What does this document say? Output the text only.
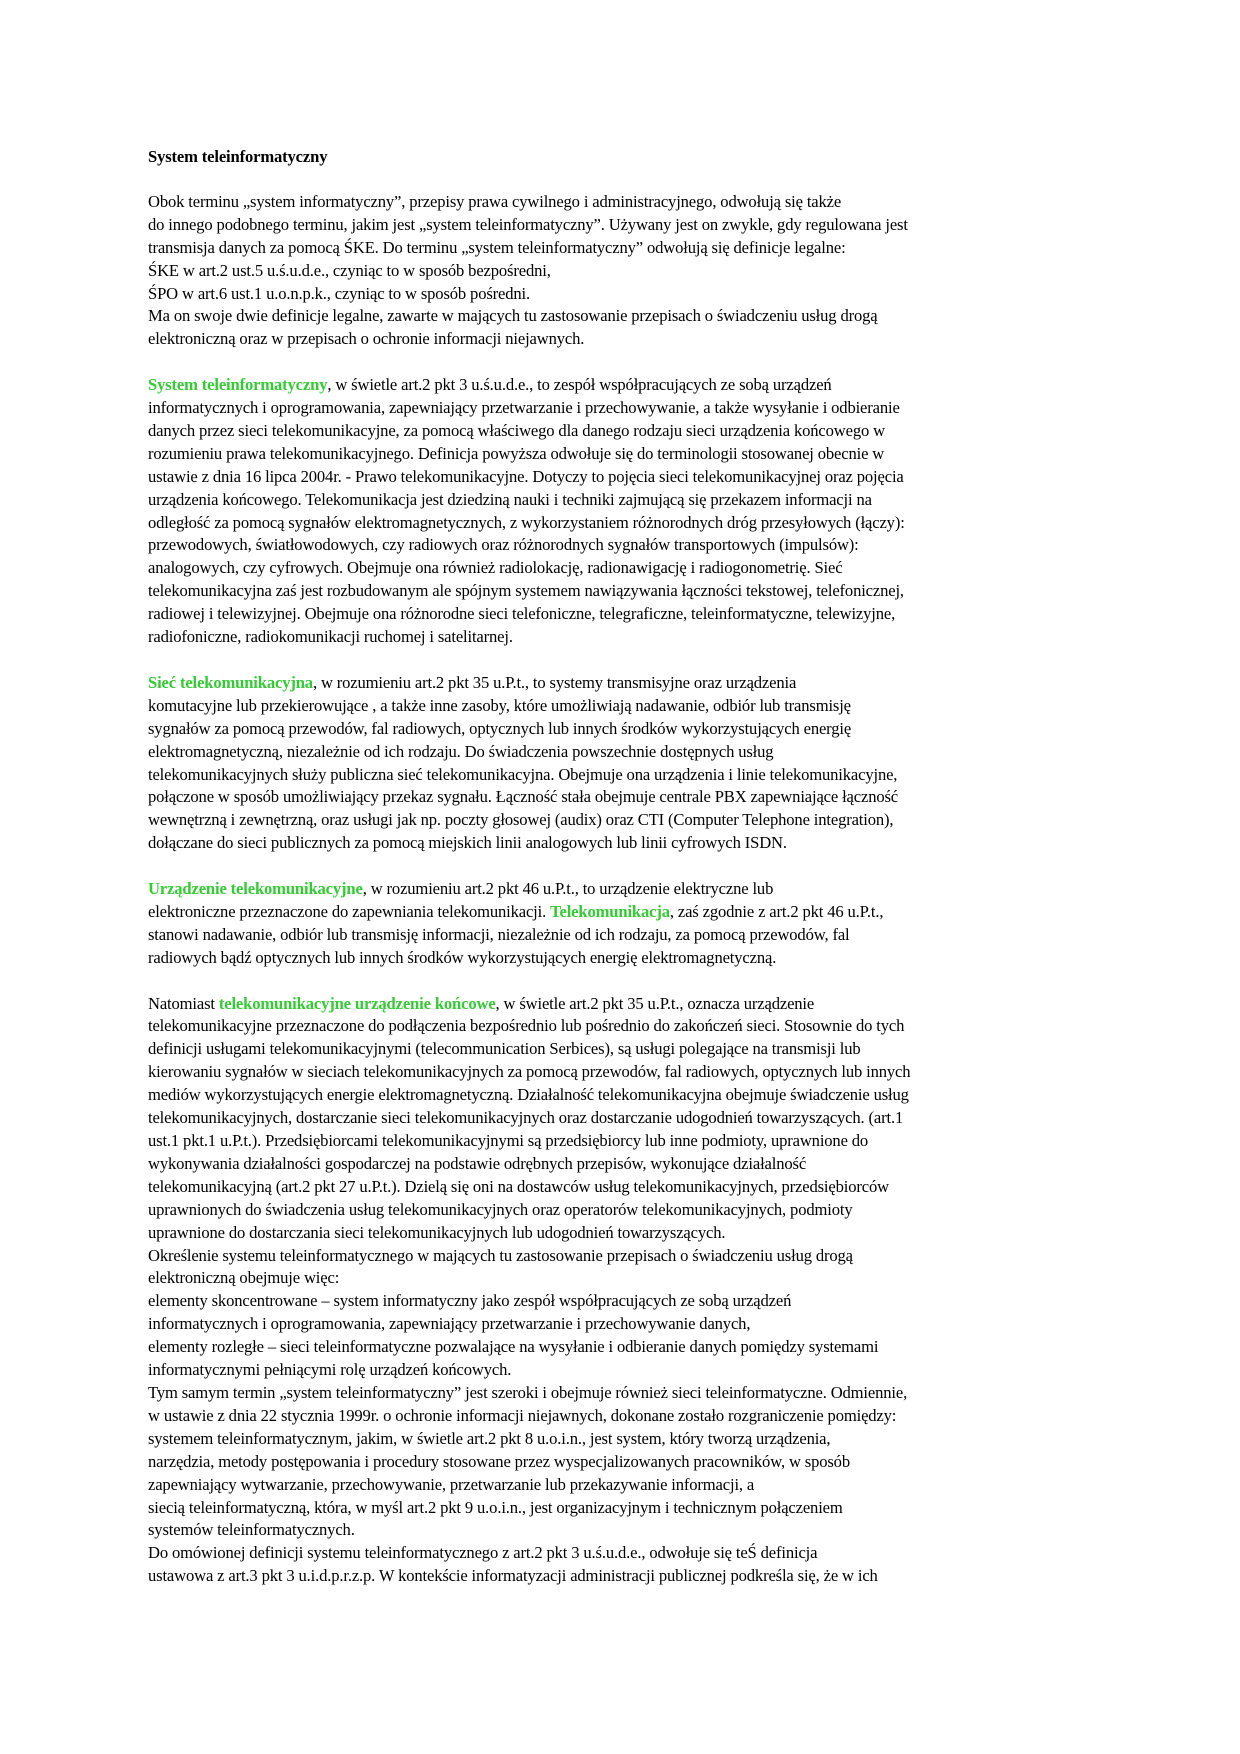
System teleinformatyczny
Obok terminu „system informatyczny”, przepisy prawa cywilnego i administracyjnego, odwołują się także
do innego podobnego terminu, jakim jest „system teleinformatyczny”. Używany jest on zwykle, gdy regulowana jest
transmisja danych za pomocą ŚKE. Do terminu „system teleinformatyczny” odwołują się definicje legalne:
ŚKE w art.2 ust.5 u.ś.u.d.e., czyniąc to w sposób bezpośredni,
ŚPO w art.6 ust.1 u.o.n.p.k., czyniąc to w sposób pośredni.
Ma on swoje dwie definicje legalne, zawarte w mających tu zastosowanie przepisach o świadczeniu usług drogą
elektroniczną oraz w przepisach o ochronie informacji niejawnych.
System teleinformatyczny, w świetle art.2 pkt 3 u.ś.u.d.e., to zespół współpracujących ze sobą urządzeń
informatycznych i oprogramowania, zapewniający przetwarzanie i przechowywanie, a także wysyłanie i odbieranie
danych przez sieci telekomunikacyjne, za pomocą właściwego dla danego rodzaju sieci urządzenia końcowego w
rozumieniu prawa telekomunikacyjnego. Definicja powyższa odwołuje się do terminologii stosowanej obecnie w
ustawie z dnia 16 lipca 2004r. - Prawo telekomunikacyjne. Dotyczy to pojęcia sieci telekomunikacyjnej oraz pojęcia
urządzenia końcowego. Telekomunikacja jest dziedziną nauki i techniki zajmującą się przekazem informacji na
odległość za pomocą sygnałów elektromagnetycznych, z wykorzystaniem różnorodnych dróg przesyłowych (łączy):
przewodowych, światłowodowych, czy radiowych oraz różnorodnych sygnałów transportowych (impulsów):
analogowych, czy cyfrowych. Obejmuje ona również radiolokację, radionawigację i radiogonometrię. Sieć
telekomunikacyjna zaś jest rozbudowanym ale spójnym systemem nawiązywania łączności tekstowej, telefonicznej,
radiowej i telewizyjnej. Obejmuje ona różnorodne sieci telefoniczne, telegraficzne, teleinformatyczne, telewizyjne,
radiofoniczne, radiokomunikacji ruchomej i satelitarnej.
Sieć telekomunikacyjna, w rozumieniu art.2 pkt 35 u.P.t., to systemy transmisyjne oraz urządzenia
komutacyjne lub przekierowujące , a także inne zasoby, które umożliwiają nadawanie, odbiór lub transmisję
sygnałów za pomocą przewodów, fal radiowych, optycznych lub innych środków wykorzystujących energię
elektromagnetyczną, niezależnie od ich rodzaju. Do świadczenia powszechnie dostępnych usług
telekomunikacyjnych służy publiczna sieć telekomunikacyjna. Obejmuje ona urządzenia i linie telekomunikacyjne,
połączone w sposób umożliwiający przekaz sygnału. Łączność stała obejmuje centrale PBX zapewniające łączność
wewnętrzną i zewnętrzną, oraz usługi jak np. poczty głosowej (audix) oraz CTI (Computer Telephone integration),
dołączane do sieci publicznych za pomocą miejskich linii analogowych lub linii cyfrowych ISDN.
Urządzenie telekomunikacyjne, w rozumieniu art.2 pkt 46 u.P.t., to urządzenie elektryczne lub
elektroniczne przeznaczone do zapewniania telekomunikacji. Telekomunikacja, zaś zgodnie z art.2 pkt 46 u.P.t.,
stanowi nadawanie, odbiór lub transmisję informacji, niezależnie od ich rodzaju, za pomocą przewodów, fal
radiowych bądź optycznych lub innych środków wykorzystujących energię elektromagnetyczną.
Natomiast telekomunikacyjne urządzenie końcowe, w świetle art.2 pkt 35 u.P.t., oznacza urządzenie
telekomunikacyjne przeznaczone do podłączenia bezpośrednio lub pośrednio do zakończeń sieci. Stosownie do tych
definicji usługami telekomunikacyjnymi (telecommunication Serbices), są usługi polegające na transmisji lub
kierowaniu sygnałów w sieciach telekomunikacyjnych za pomocą przewodów, fal radiowych, optycznych lub innych
mediów wykorzystujących energie elektromagnetyczną. Działalność telekomunikacyjna obejmuje świadczenie usług
telekomunikacyjnych, dostarczanie sieci telekomunikacyjnych oraz dostarczanie udogodnień towarzyszących. (art.1
ust.1 pkt.1 u.P.t.). Przedsiębiorcami telekomunikacyjnymi są przedsiębiorcy lub inne podmioty, uprawnione do
wykonywania działalności gospodarczej na podstawie odrębnych przepisów, wykonujące działalność
telekomunikacyjną (art.2 pkt 27 u.P.t.). Dzielą się oni na dostawców usług telekomunikacyjnych, przedsiębiorców
uprawnionych do świadczenia usług telekomunikacyjnych oraz operatorów telekomunikacyjnych, podmioty
uprawnione do dostarczania sieci telekomunikacyjnych lub udogodnień towarzyszących.
Określenie systemu teleinformatycznego w mających tu zastosowanie przepisach o świadczeniu usług drogą
elektroniczną obejmuje więc:
elementy skoncentrowane – system informatyczny jako zespół współpracujących ze sobą urządzeń
informatycznych i oprogramowania, zapewniający przetwarzanie i przechowywanie danych,
elementy rozległe – sieci teleinformatyczne pozwalające na wysyłanie i odbieranie danych pomiędzy systemami
informatycznymi pełniącymi rolę urządzeń końcowych.
Tym samym termin „system teleinformatyczny” jest szeroki i obejmuje również sieci teleinformatyczne. Odmiennie,
w ustawie z dnia 22 stycznia 1999r. o ochronie informacji niejawnych, dokonane zostało rozgraniczenie pomiędzy:
systemem teleinformatycznym, jakim, w świetle art.2 pkt 8 u.o.i.n., jest system, który tworzą urządzenia,
narzędzia, metody postępowania i procedury stosowane przez wyspecjalizowanych pracowników, w sposób
zapewniający wytwarzanie, przechowywanie, przetwarzanie lub przekazywanie informacji, a
siecią teleinformatyczną, która, w myśl art.2 pkt 9 u.o.i.n., jest organizacyjnym i technicznym połączeniem
systemów teleinformatycznych.
Do omówionej definicji systemu teleinformatycznego z art.2 pkt 3 u.ś.u.d.e., odwołuje się teŚ definicja
ustawowa z art.3 pkt 3 u.i.d.p.r.z.p. W kontekście informatyzacji administracji publicznej podkreśla się, że w ich
